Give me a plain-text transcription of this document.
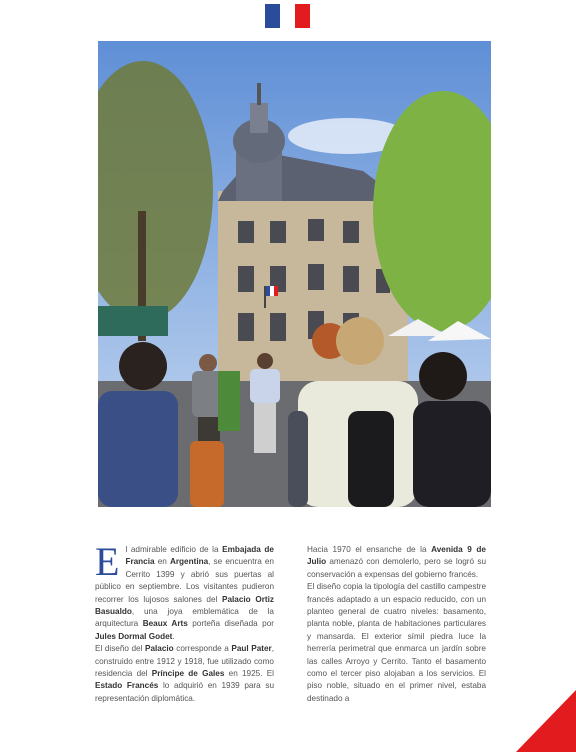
El admirable edificio de la Embajada de Francia en Argentina, se encuentra en Cerrito 1399 y abrió sus puertas al público en septiembre. Los visitantes pudieron recorrer los lujosos salones del Palacio Ortiz Basualdo, una joya emblemática de la arquitectura Beaux Arts porteña diseñada por Jules Dormal Godet.

El diseño del Palacio corresponde a Paul Pater, construido entre 1912 y 1918, fue utilizado como residencia del Príncipe de Gales en 1925. El Estado Francés lo adquirió en 1939 para su representación diplomática.

Hacia 1970 el ensanche de la Avenida 9 de Julio amenazó con demolerlo, pero se logró su conservación a expensas del gobierno francés.

El diseño copia la tipología del castillo campestre francés adaptado a un espacio reducido, con un planteo general de cuatro niveles: basamento, planta noble, planta de habitaciones particulares y mansarda. El exterior símil piedra luce la herrería perimetral que enmarca un jardín sobre las calles Arroyo y Cerrito. Tanto el basamento como el tercer piso alojaban a los servicios. El piso noble, situado en el primer nivel, estaba destinado a
